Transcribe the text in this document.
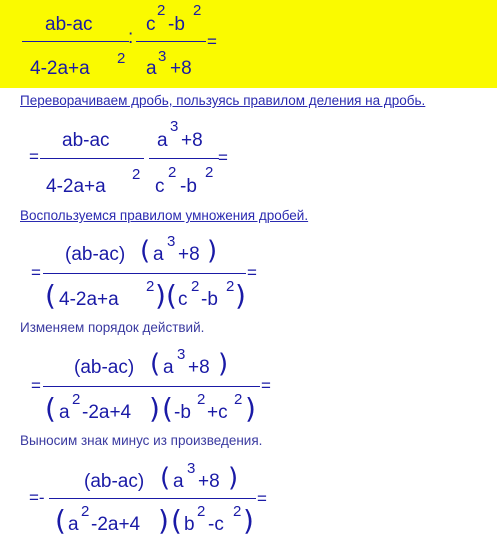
ab-ac
4-2a+a 2
:
c
2
-b
2
a
3
+8
=
Переворачиваем дробь, пользуясь правилом деления на дробь.
=
ab-ac
4-2a+a
2
a
3
+8
c
2
-b
2
=
Воспользуемся правилом умножения дробей.
=
(ab-ac) ( a
3
+8 )
( 4-2a+a
2 ) ( c
2
-b
2 )
=
Изменяем порядок действий.
=
(ab-ac) ( a
3
+8 )
( a
2
-2a+4 ) ( -b
2
+c
2 )
=
Выносим знак минус из произведения.
=-
(ab-ac) ( a
3
+8 )
( a
2
-2a+4 ) ( b
2
-c
2 )
=
